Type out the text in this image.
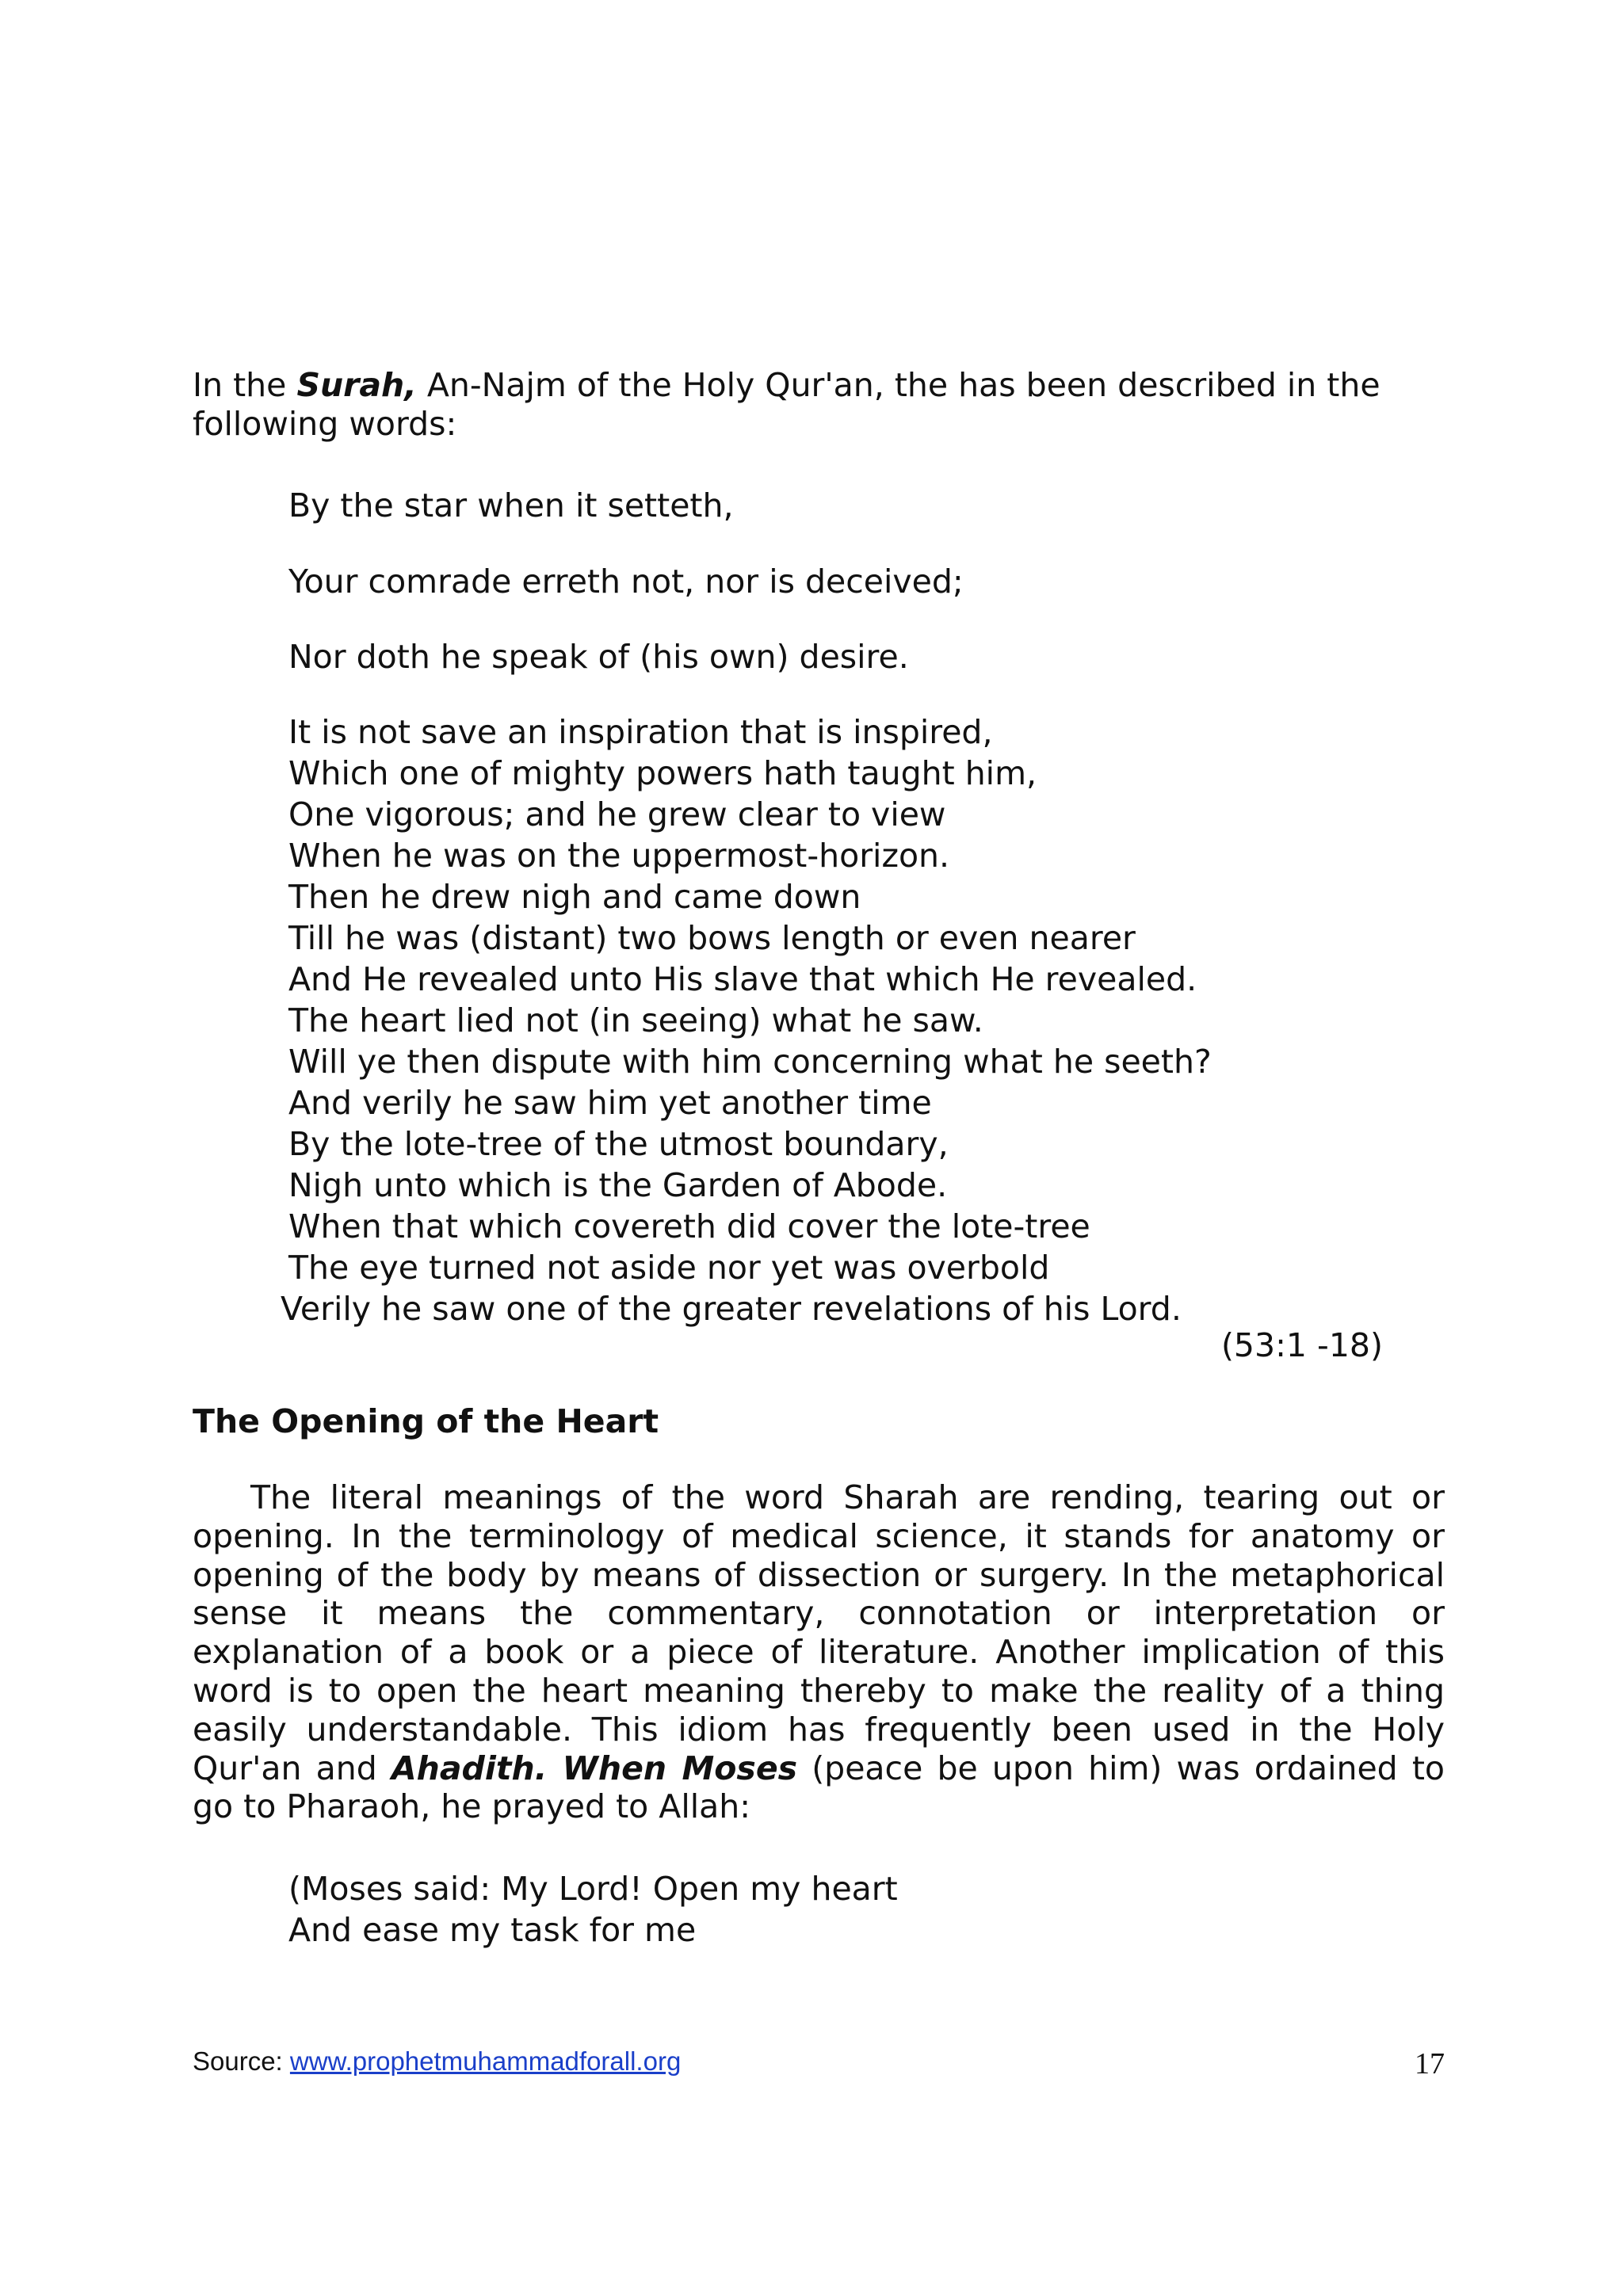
In the Surah, An-Najm of the Holy Qur'an, the has been described in the following words:

By the star when it setteth,

Your comrade erreth not, nor is deceived;

Nor doth he speak of (his own) desire.

It is not save an inspiration that is inspired,
Which one of mighty powers hath taught him,
One vigorous; and he grew clear to view
When he was on the uppermost-horizon.
Then he drew nigh and came down
Till he was (distant) two bows length or even nearer
And He revealed unto His slave that which He revealed.
The heart lied not (in seeing) what he saw.
Will ye then dispute with him concerning what he seeth?
And verily he saw him yet another time
By the lote-tree of the utmost boundary,
Nigh unto which is the Garden of Abode.
When that which covereth did cover the lote-tree
The eye turned not aside nor yet was overbold
Verily he saw one of the greater revelations of his Lord.

(53:1 -18)

The Opening of the Heart

The literal meanings of the word Sharah are rending, tearing out or opening. In the terminology of medical science, it stands for anatomy or opening of the body by means of dissection or surgery. In the metaphorical sense it means the commentary, connotation or interpretation or explanation of a book or a piece of literature. Another implication of this word is to open the heart meaning thereby to make the reality of a thing easily understandable. This idiom has frequently been used in the Holy Qur'an and Ahadith. When Moses (peace be upon him) was ordained to go to Pharaoh, he prayed to Allah:

(Moses said: My Lord! Open my heart
And ease my task for me
Source: www.prophetmuhammadforall.org	17
